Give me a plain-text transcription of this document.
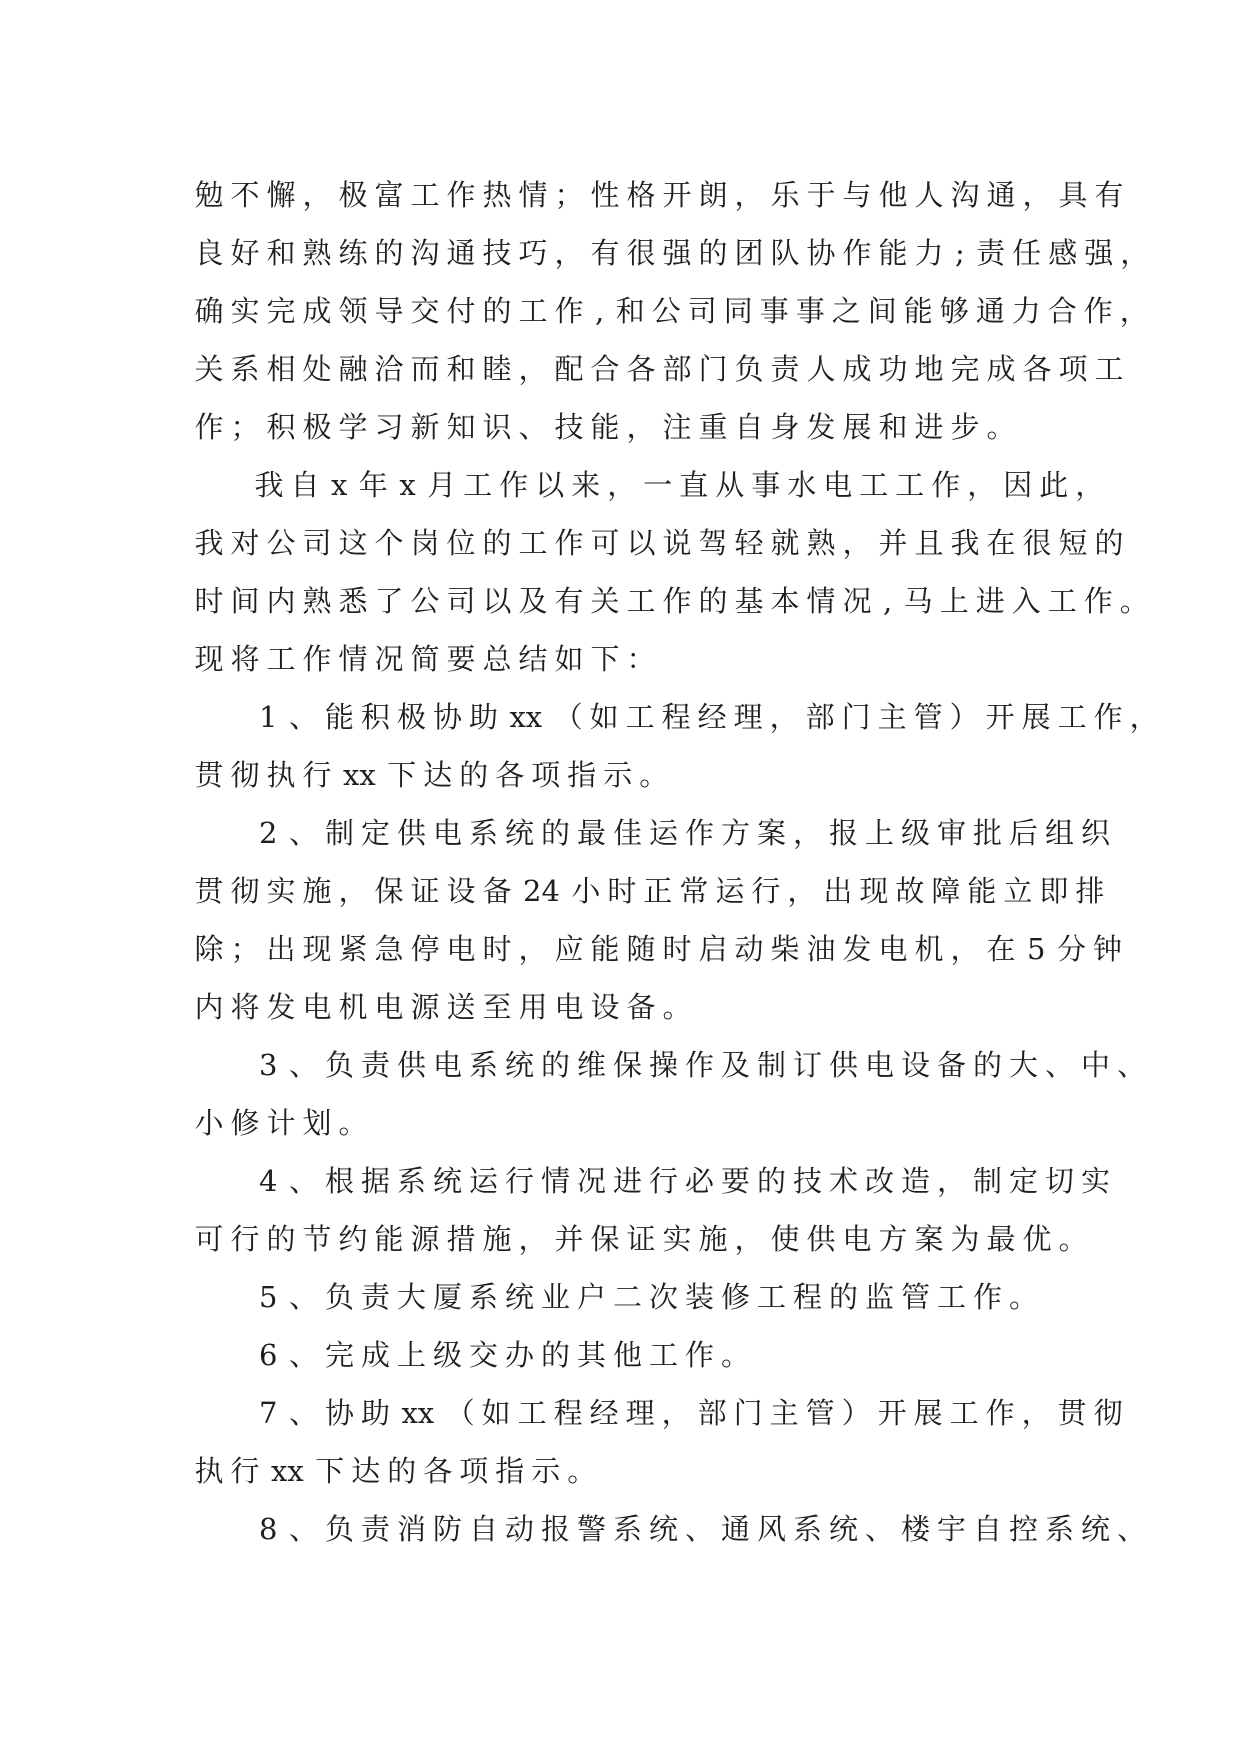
勉 不 懈 ， 极 富 工 作 热 情 ； 性 格 开 朗 ， 乐 于 与 他 人 沟 通 ， 具 有
良 好 和 熟 练 的 沟 通 技 巧 ， 有 很 强 的 团 队 协 作 能 力 ; 责 任 感 强 ，
确 实 完 成 领 导 交 付 的 工 作 , 和 公 司 同 事 事 之 间 能 够 通 力 合 作 ，
关 系 相 处 融 洽 而 和 睦 ， 配 合 各 部 门 负 责 人 成 功 地 完 成 各 项 工
作 ； 积 极 学 习 新 知 识 、 技 能 ， 注 重 自 身 发 展 和 进 步 。
我 自 x 年 x 月 工 作 以 来 ， 一 直 从 事 水 电 工 工 作 ， 因 此 ，
我 对 公 司 这 个 岗 位 的 工 作 可 以 说 驾 轻 就 熟 ， 并 且 我 在 很 短 的
时 间 内 熟 悉 了 公 司 以 及 有 关 工 作 的 基 本 情 况 , 马 上 进 入 工 作 。
现 将 工 作 情 况 简 要 总 结 如 下 ：
1 、 能 积 极 协 助 xx （ 如 工 程 经 理 ， 部 门 主 管 ） 开 展 工 作 ，
贯 彻 执 行 xx 下 达 的 各 项 指 示 。
2 、 制 定 供 电 系 统 的 最 佳 运 作 方 案 ， 报 上 级 审 批 后 组 织
贯 彻 实 施 ， 保 证 设 备 24 小 时 正 常 运 行 ， 出 现 故 障 能 立 即 排
除 ； 出 现 紧 急 停 电 时 ， 应 能 随 时 启 动 柴 油 发 电 机 ， 在 5 分 钟
内 将 发 电 机 电 源 送 至 用 电 设 备 。
3 、 负 责 供 电 系 统 的 维 保 操 作 及 制 订 供 电 设 备 的 大 、 中 、
小 修 计 划 。
4 、 根 据 系 统 运 行 情 况 进 行 必 要 的 技 术 改 造 ， 制 定 切 实
可 行 的 节 约 能 源 措 施 ， 并 保 证 实 施 ， 使 供 电 方 案 为 最 优 。
5 、 负 责 大 厦 系 统 业 户 二 次 装 修 工 程 的 监 管 工 作 。
6 、 完 成 上 级 交 办 的 其 他 工 作 。
7 、 协 助 xx （ 如 工 程 经 理 ， 部 门 主 管 ） 开 展 工 作 ， 贯 彻
执 行 xx 下 达 的 各 项 指 示 。
8 、 负 责 消 防 自 动 报 警 系 统 、 通 风 系 统 、 楼 宇 自 控 系 统 、
